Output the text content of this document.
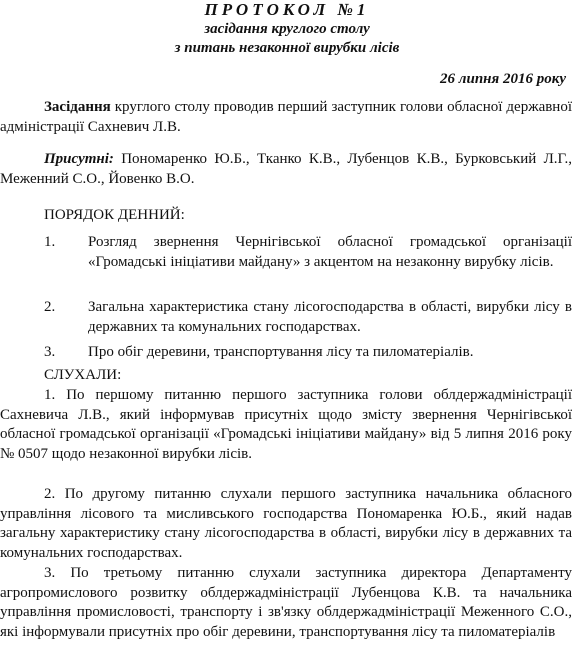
ПРОТОКОЛ №1
засідання круглого столу
з питань незаконної вирубки лісів
26 липня 2016 року
Засідання круглого столу проводив перший заступник голови обласної державної адміністрації Сахневич Л.В.
Присутні: Пономаренко Ю.Б., Тканко К.В., Лубенцов К.В., Бурковський Л.Г., Меженний С.О., Йовенко В.О.
ПОРЯДОК ДЕННИЙ:
1. Розгляд звернення Чернігівської обласної громадської організації «Громадські ініціативи майдану» з акцентом на незаконну вирубку лісів.
2. Загальна характеристика стану лісогосподарства в області, вирубки лісу в державних та комунальних господарствах.
3. Про обіг деревини, транспортування лісу та пиломатеріалів.
СЛУХАЛИ:
1. По першому питанню першого заступника голови облдержадміністрації Сахневича Л.В., який інформував присутніх щодо змісту звернення Чернігівської обласної громадської організації «Громадські ініціативи майдану» від 5 липня 2016 року № 0507 щодо незаконної вирубки лісів.
2. По другому питанню слухали першого заступника начальника обласного управління лісового та мисливського господарства Пономаренка Ю.Б., який надав загальну характеристику стану лісогосподарства в області, вирубки лісу в державних та комунальних господарствах.
3. По третьому питанню слухали заступника директора Департаменту агропромислового розвитку облдержадміністрації Лубенцова К.В. та начальника управління промисловості, транспорту і зв'язку облдержадміністрації Меженного С.О., які інформували присутніх про обіг деревини, транспортування лісу та пиломатеріалів
